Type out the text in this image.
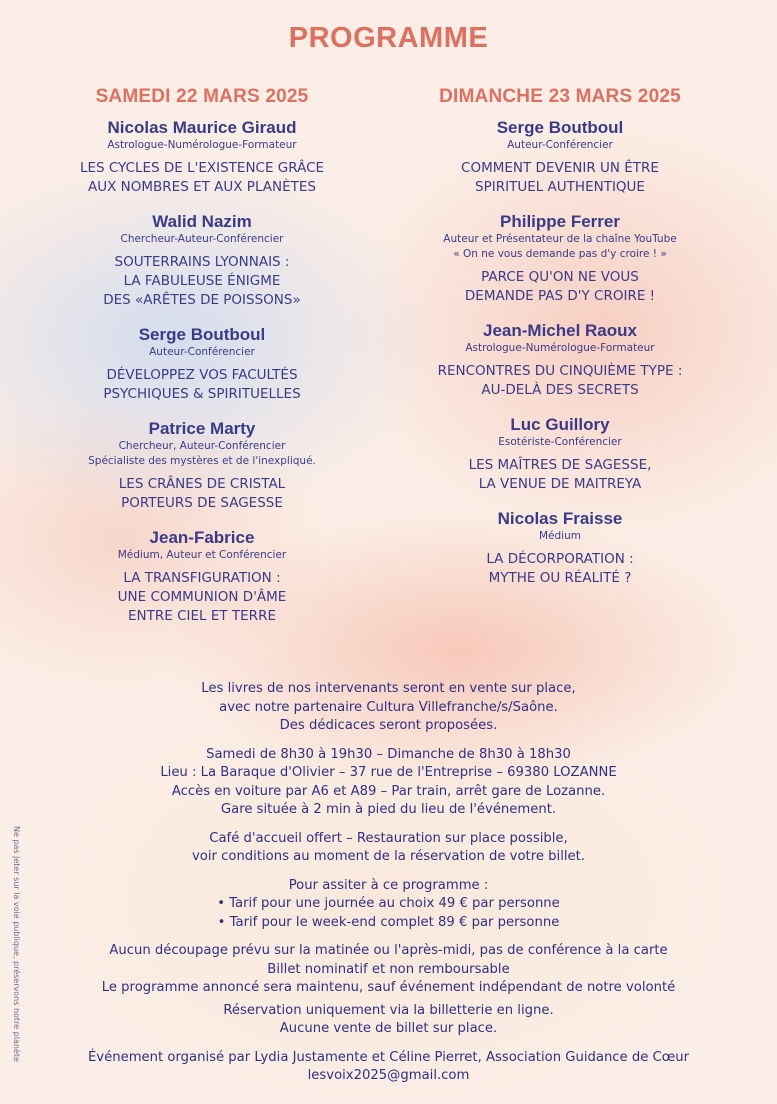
PROGRAMME
SAMEDI 22 MARS 2025
Nicolas Maurice Giraud
Astrologue-Numérologue-Formateur
LES CYCLES DE L'EXISTENCE GRÂCE
AUX NOMBRES ET AUX PLANÈTES
Walid Nazim
Chercheur-Auteur-Conférencier
SOUTERRAINS LYONNAIS :
LA FABULEUSE ÉNIGME
DES «ARÊTES DE POISSONS»
Serge Boutboul
Auteur-Conférencier
DÉVELOPPEZ VOS FACULTÉS
PSYCHIQUES & SPIRITUELLES
Patrice Marty
Chercheur, Auteur-Conférencier
Spécialiste des mystères et de l'inexpliqué.
LES CRÂNES DE CRISTAL
PORTEURS DE SAGESSE
Jean-Fabrice
Médium, Auteur et Conférencier
LA TRANSFIGURATION :
UNE COMMUNION D'ÂME
ENTRE CIEL ET TERRE
DIMANCHE 23 MARS 2025
Serge Boutboul
Auteur-Conférencier
COMMENT DEVENIR UN ÊTRE
SPIRITUEL AUTHENTIQUE
Philippe Ferrer
Auteur et Présentateur de la chaîne YouTube
« On ne vous demande pas d'y croire ! »
PARCE QU'ON NE VOUS
DEMANDE PAS D'Y CROIRE !
Jean-Michel Raoux
Astrologue-Numérologue-Formateur
RENCONTRES DU CINQUIÈME TYPE :
AU-DELÀ DES SECRETS
Luc Guillory
Esotériste-Conférencier
LES MAÎTRES DE SAGESSE,
LA VENUE DE MAITREYA
Nicolas Fraisse
Médium
LA DÉCORPORATION :
MYTHE OU RÉALITÉ ?
Les livres de nos intervenants seront en vente sur place,
avec notre partenaire Cultura Villefranche/s/Saône.
Des dédicaces seront proposées.
Samedi de 8h30 à 19h30 – Dimanche de 8h30 à 18h30
Lieu : La Baraque d'Olivier – 37 rue de l'Entreprise – 69380 LOZANNE
Accès en voiture par A6 et A89 – Par train, arrêt gare de Lozanne.
Gare située à 2 min à pied du lieu de l'événement.
Café d'accueil offert – Restauration sur place possible,
voir conditions au moment de la réservation de votre billet.
Pour assiter à ce programme :
• Tarif pour une journée au choix 49 € par personne
• Tarif pour le week-end complet 89 € par personne
Aucun découpage prévu sur la matinée ou l'après-midi, pas de conférence à la carte
Billet nominatif et non remboursable
Le programme annoncé sera maintenu, sauf événement indépendant de notre volonté
Réservation uniquement via la billetterie en ligne.
Aucune vente de billet sur place.
Événement organisé par Lydia Justamente et Céline Pierret, Association Guidance de Cœur
lesvoix2025@gmail.com
Ne pas jeter sur la voie publique, préservons notre planète
